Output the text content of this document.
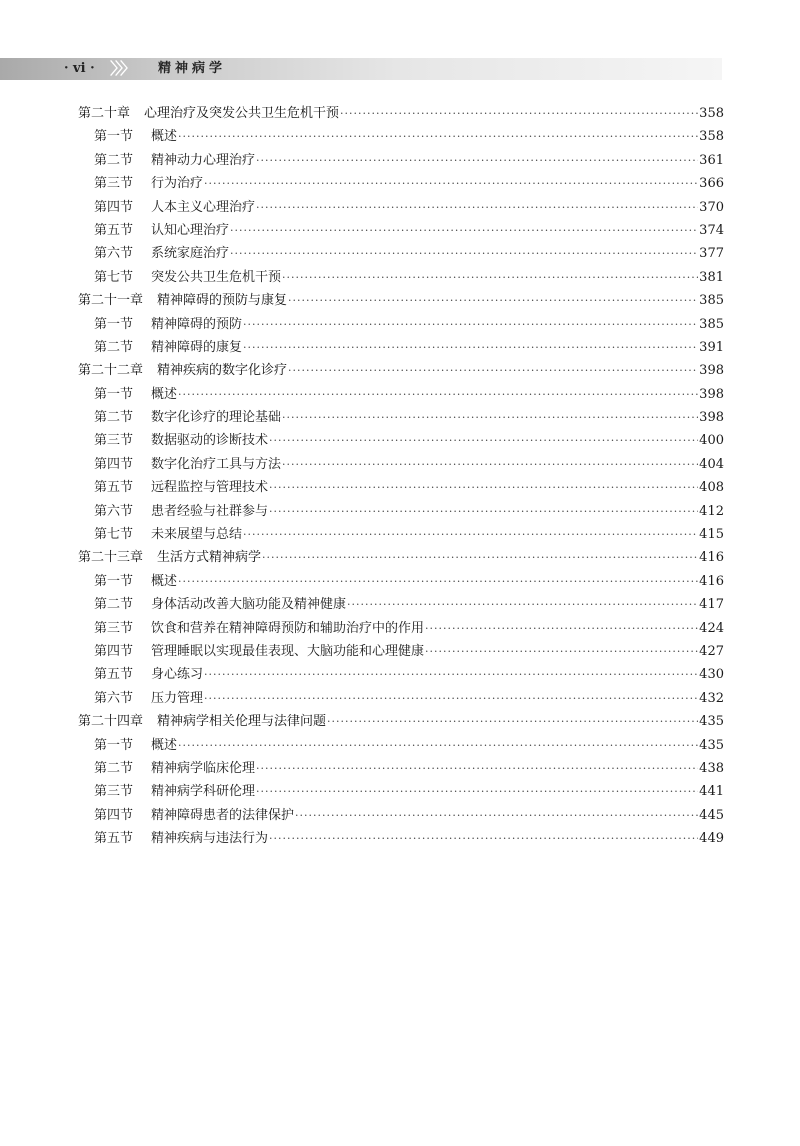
· vi · 〉〉〉 精神病学
第二十章 心理治疗及突发公共卫生危机干预 ·····	358
第一节 概述 ·····	358
第二节 精神动力心理治疗 ·····	361
第三节 行为治疗 ·····	366
第四节 人本主义心理治疗 ·····	370
第五节 认知心理治疗 ·····	374
第六节 系统家庭治疗 ·····	377
第七节 突发公共卫生危机干预 ·····	381
第二十一章 精神障碍的预防与康复 ·····	385
第一节 精神障碍的预防 ·····	385
第二节 精神障碍的康复 ·····	391
第二十二章 精神疾病的数字化诊疗 ·····	398
第一节 概述 ·····	398
第二节 数字化诊疗的理论基础 ·····	398
第三节 数据驱动的诊断技术 ·····	400
第四节 数字化治疗工具与方法 ·····	404
第五节 远程监控与管理技术 ·····	408
第六节 患者经验与社群参与 ·····	412
第七节 未来展望与总结 ·····	415
第二十三章 生活方式精神病学 ·····	416
第一节 概述 ·····	416
第二节 身体活动改善大脑功能及精神健康 ·····	417
第三节 饮食和营养在精神障碍预防和辅助治疗中的作用 ·····	424
第四节 管理睡眠以实现最佳表现、大脑功能和心理健康 ·····	427
第五节 身心练习 ·····	430
第六节 压力管理 ·····	432
第二十四章 精神病学相关伦理与法律问题 ·····	435
第一节 概述 ·····	435
第二节 精神病学临床伦理 ·····	438
第三节 精神病学科研伦理 ·····	441
第四节 精神障碍患者的法律保护 ·····	445
第五节 精神疾病与违法行为 ·····	449
